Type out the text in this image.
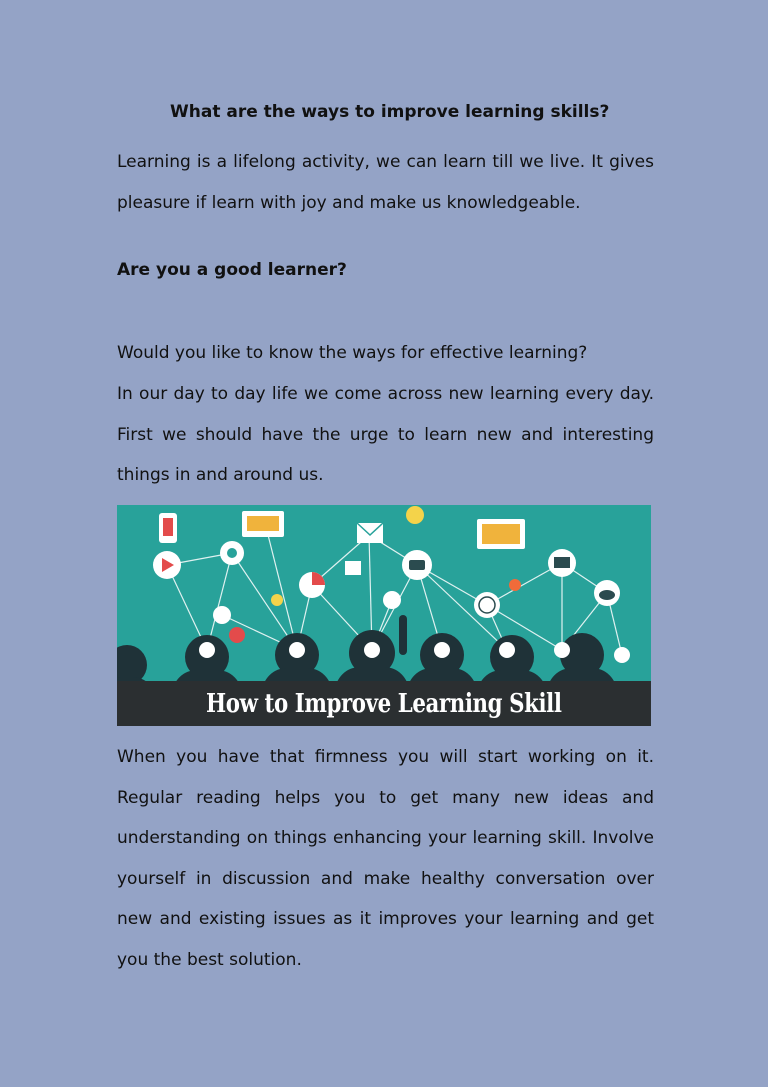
What are the ways to improve learning skills?

Learning is a lifelong activity, we can learn till we live. It gives pleasure if learn with joy and make us knowledgeable.

Are you a good learner?

Would you like to know the ways for effective learning?

In our day to day life we come across new learning every day. First we should have the urge to learn new and interesting things in and around us.

How to Improve Learning Skill

When you have that firmness you will start working on it. Regular reading helps you to get many new ideas and understanding on things enhancing your learning skill. Involve yourself in discussion and make healthy conversation over new and existing issues as it improves your learning and get you the best solution.
